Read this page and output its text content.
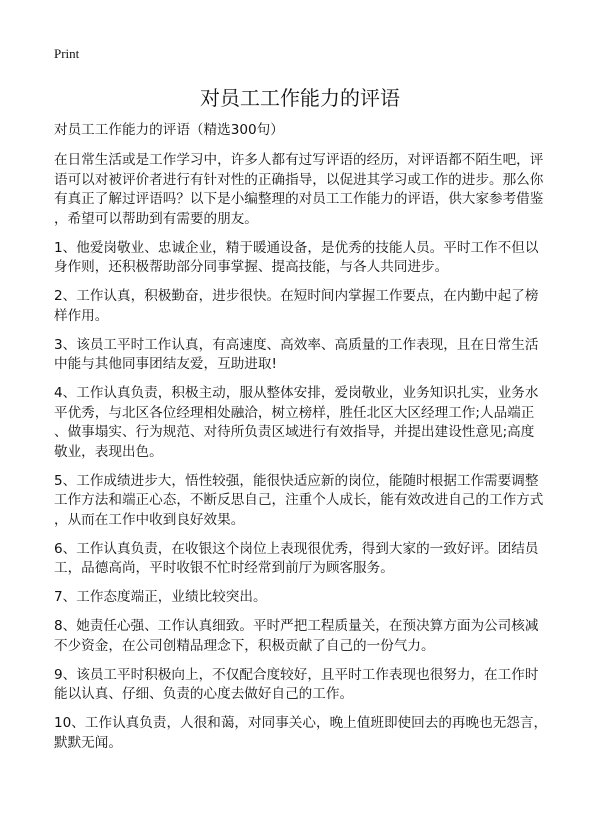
Print
对员工工作能力的评语
对员工工作能力的评语（精选300句）
在日常生活或是工作学习中，许多人都有过写评语的经历，对评语都不陌生吧，评
语可以对被评价者进行有针对性的正确指导，以促进其学习或工作的进步。那么你
有真正了解过评语吗？以下是小编整理的对员工工作能力的评语，供大家参考借鉴
，希望可以帮助到有需要的朋友。
1、他爱岗敬业、忠诚企业，精于暖通设备，是优秀的技能人员。平时工作不但以
身作则，还积极帮助部分同事掌握、提高技能，与各人共同进步。
2、工作认真，积极勤奋，进步很快。在短时间内掌握工作要点，在内勤中起了榜
样作用。
3、该员工平时工作认真，有高速度、高效率、高质量的工作表现，且在日常生活
中能与其他同事团结友爱，互助进取!
4、工作认真负责，积极主动，服从整体安排，爱岗敬业，业务知识扎实，业务水
平优秀，与北区各位经理相处融洽，树立榜样，胜任北区大区经理工作;人品端正
、做事塌实、行为规范、对待所负责区域进行有效指导，并提出建设性意见;高度
敬业，表现出色。
5、工作成绩进步大，悟性较强，能很快适应新的岗位，能随时根据工作需要调整
工作方法和端正心态，不断反思自己，注重个人成长，能有效改进自己的工作方式
，从而在工作中收到良好效果。
6、工作认真负责，在收银这个岗位上表现很优秀，得到大家的一致好评。团结员
工，品德高尚，平时收银不忙时经常到前厅为顾客服务。
7、工作态度端正，业绩比较突出。
8、她责任心强、工作认真细致。平时严把工程质量关，在预决算方面为公司核减
不少资金，在公司创精品理念下，积极贡献了自己的一份气力。
9、该员工平时积极向上，不仅配合度较好，且平时工作表现也很努力，在工作时
能以认真、仔细、负责的心度去做好自己的工作。
10、工作认真负责，人很和蔼，对同事关心，晚上值班即使回去的再晚也无怨言，
默默无闻。
